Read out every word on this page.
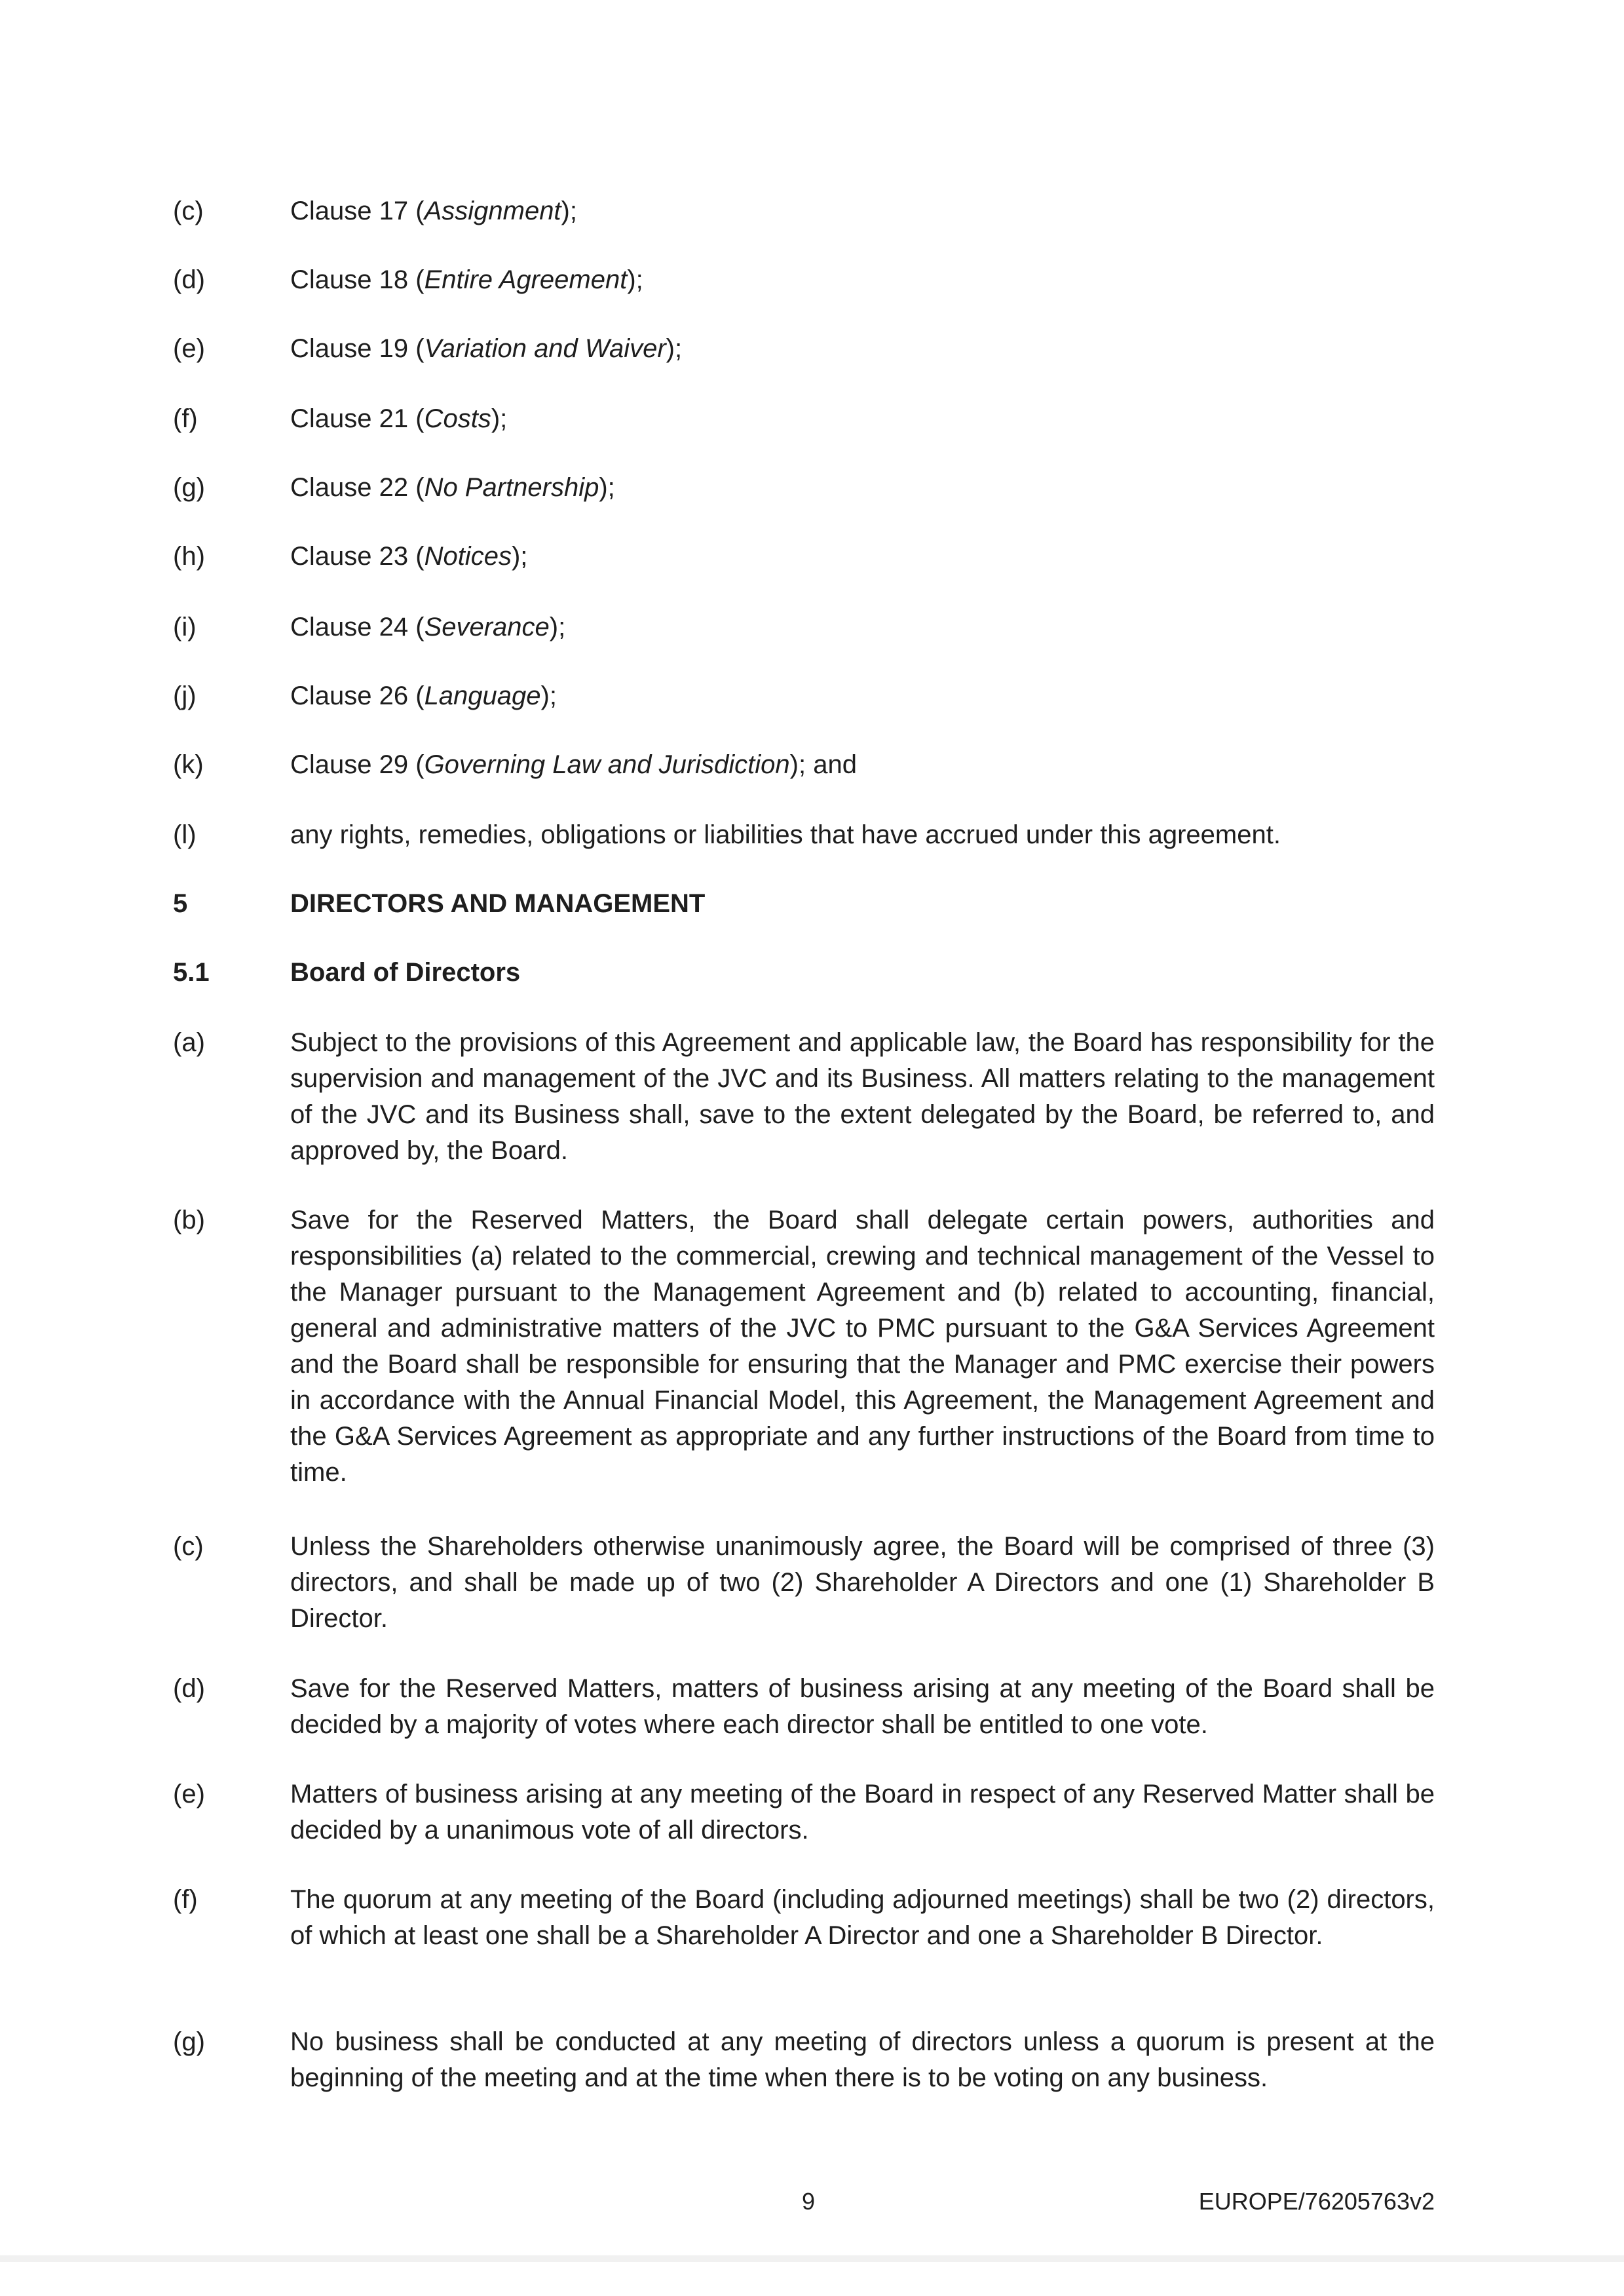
(c)	Clause 17 (Assignment);
(d)	Clause 18 (Entire Agreement);
(e)	Clause 19 (Variation and Waiver);
(f)	Clause 21 (Costs);
(g)	Clause 22 (No Partnership);
(h)	Clause 23 (Notices);
(i)	Clause 24 (Severance);
(j)	Clause 26 (Language);
(k)	Clause 29 (Governing Law and Jurisdiction); and
(l)	any rights, remedies, obligations or liabilities that have accrued under this agreement.
5	DIRECTORS AND MANAGEMENT
5.1	Board of Directors
(a)	Subject to the provisions of this Agreement and applicable law, the Board has responsibility for the supervision and management of the JVC and its Business. All matters relating to the management of the JVC and its Business shall, save to the extent delegated by the Board, be referred to, and approved by, the Board.
(b)	Save for the Reserved Matters, the Board shall delegate certain powers, authorities and responsibilities (a) related to the commercial, crewing and technical management of the Vessel to the Manager pursuant to the Management Agreement and (b) related to accounting, financial, general and administrative matters of the JVC to PMC pursuant to the G&A Services Agreement and the Board shall be responsible for ensuring that the Manager and PMC exercise their powers in accordance with the Annual Financial Model, this Agreement, the Management Agreement and the G&A Services Agreement as appropriate and any further instructions of the Board from time to time.
(c)	Unless the Shareholders otherwise unanimously agree, the Board will be comprised of three (3) directors, and shall be made up of two (2) Shareholder A Directors and one (1) Shareholder B Director.
(d)	Save for the Reserved Matters, matters of business arising at any meeting of the Board shall be decided by a majority of votes where each director shall be entitled to one vote.
(e)	Matters of business arising at any meeting of the Board in respect of any Reserved Matter shall be decided by a unanimous vote of all directors.
(f)	The quorum at any meeting of the Board (including adjourned meetings) shall be two (2) directors, of which at least one shall be a Shareholder A Director and one a Shareholder B Director.
(g)	No business shall be conducted at any meeting of directors unless a quorum is present at the beginning of the meeting and at the time when there is to be voting on any business.
9	EUROPE/76205763v2
